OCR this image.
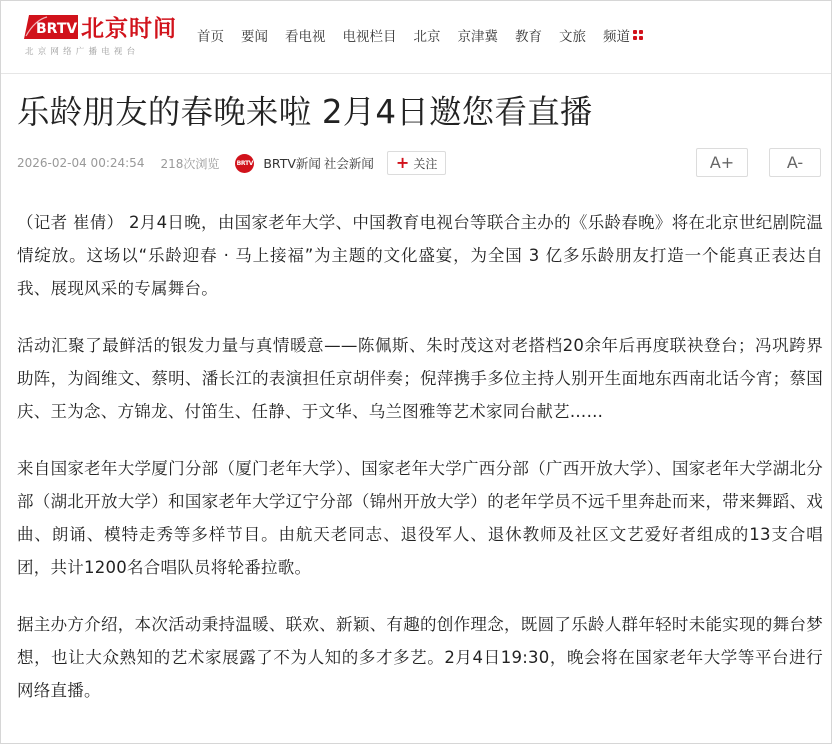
BRTV 北京时间
北京网络广播电视台
首页 要闻 看电视 电视栏目 北京 京津冀 教育 文旅 频道
乐龄朋友的春晚来啦 2月4日邀您看直播
2026-02-04 00:24:54 218次浏览	BRTV BRTV新闻 社会新闻 + 关注	A+	A-

（记者 崔倩） 2月4日晚，由国家老年大学、中国教育电视台等联合主办的《乐龄春晚》将在北京世纪剧院温情绽放。这场以“乐龄迎春 · 马上接福”为主题的文化盛宴，为全国 3 亿多乐龄朋友打造一个能真正表达自我、展现风采的专属舞台。

活动汇聚了最鲜活的银发力量与真情暖意——陈佩斯、朱时茂这对老搭档20余年后再度联袂登台；冯巩跨界助阵，为阎维文、蔡明、潘长江的表演担任京胡伴奏；倪萍携手多位主持人别开生面地东西南北话今宵；蔡国庆、王为念、方锦龙、付笛生、任静、于文华、乌兰图雅等艺术家同台献艺……

来自国家老年大学厦门分部（厦门老年大学）、国家老年大学广西分部（广西开放大学）、国家老年大学湖北分部（湖北开放大学）和国家老年大学辽宁分部（锦州开放大学）的老年学员不远千里奔赴而来，带来舞蹈、戏曲、朗诵、模特走秀等多样节目。由航天老同志、退役军人、退休教师及社区文艺爱好者组成的13支合唱团，共计1200名合唱队员将轮番拉歌。

据主办方介绍，本次活动秉持温暖、联欢、新颖、有趣的创作理念，既圆了乐龄人群年轻时未能实现的舞台梦想，也让大众熟知的艺术家展露了不为人知的多才多艺。2月4日19:30，晚会将在国家老年大学等平台进行网络直播。
